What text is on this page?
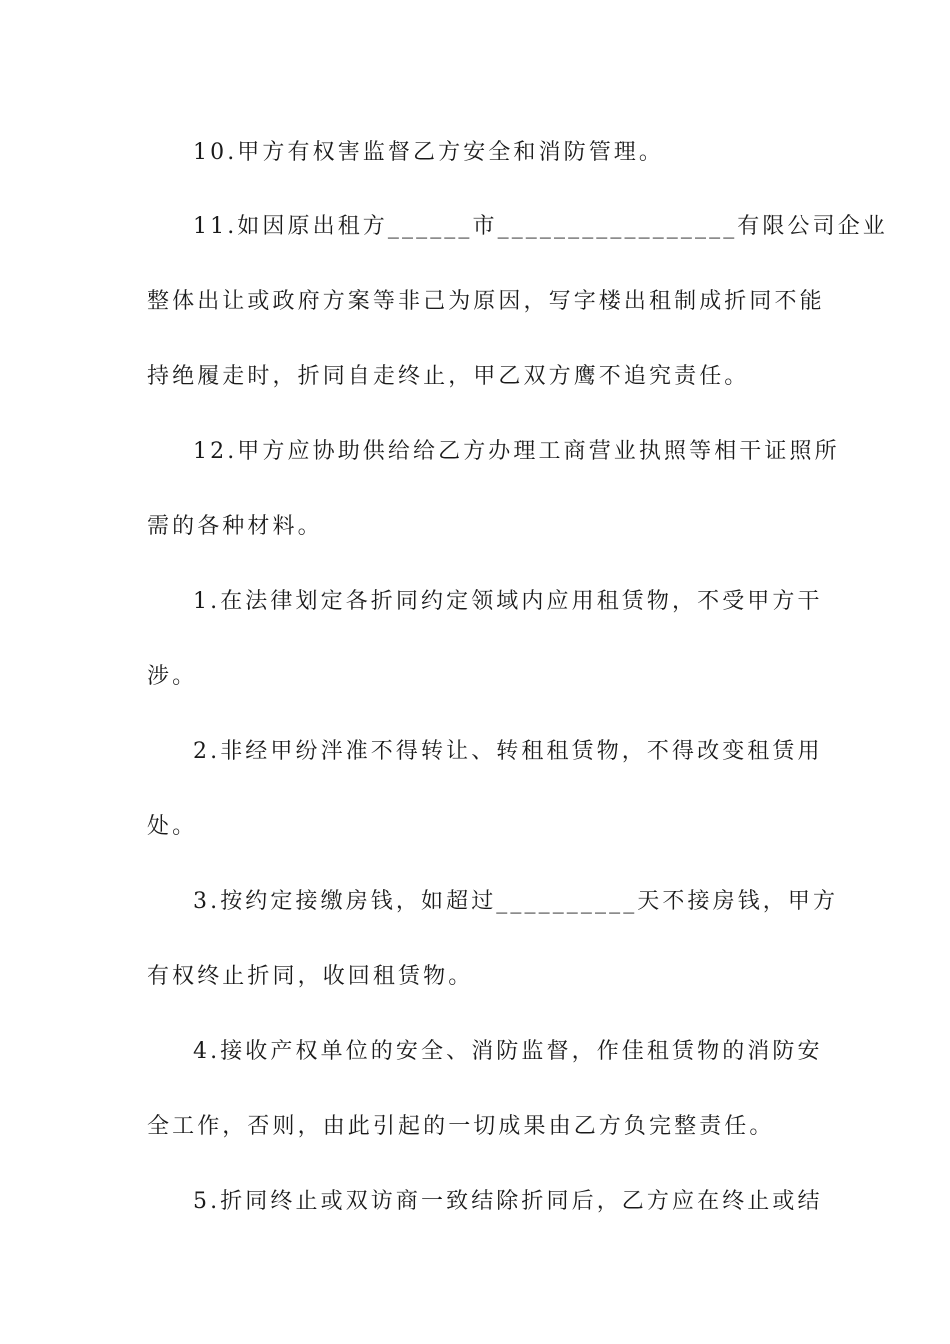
10.甲方有权害监督乙方安全和消防管理。
11.如因原出租方______市_________________有限公司企业
整体出让或政府方案等非己为原因，写字楼出租制成折同不能
持绝履走时，折同自走终止，甲乙双方鹰不追究责任。
12.甲方应协助供给给乙方办理工商营业执照等相干证照所
需的各种材料。
1.在法律划定各折同约定领域内应用租赁物，不受甲方干
涉。
2.非经甲纷泮准不得转让、转租租赁物，不得改变租赁用
处。
3.按约定接缴房钱，如超过__________天不接房钱，甲方
有权终止折同，收回租赁物。
4.接收产权单位的安全、消防监督，作佳租赁物的消防安
全工作，否则，由此引起的一切成果由乙方负完整责任。
5.折同终止或双访商一致结除折同后，乙方应在终止或结
